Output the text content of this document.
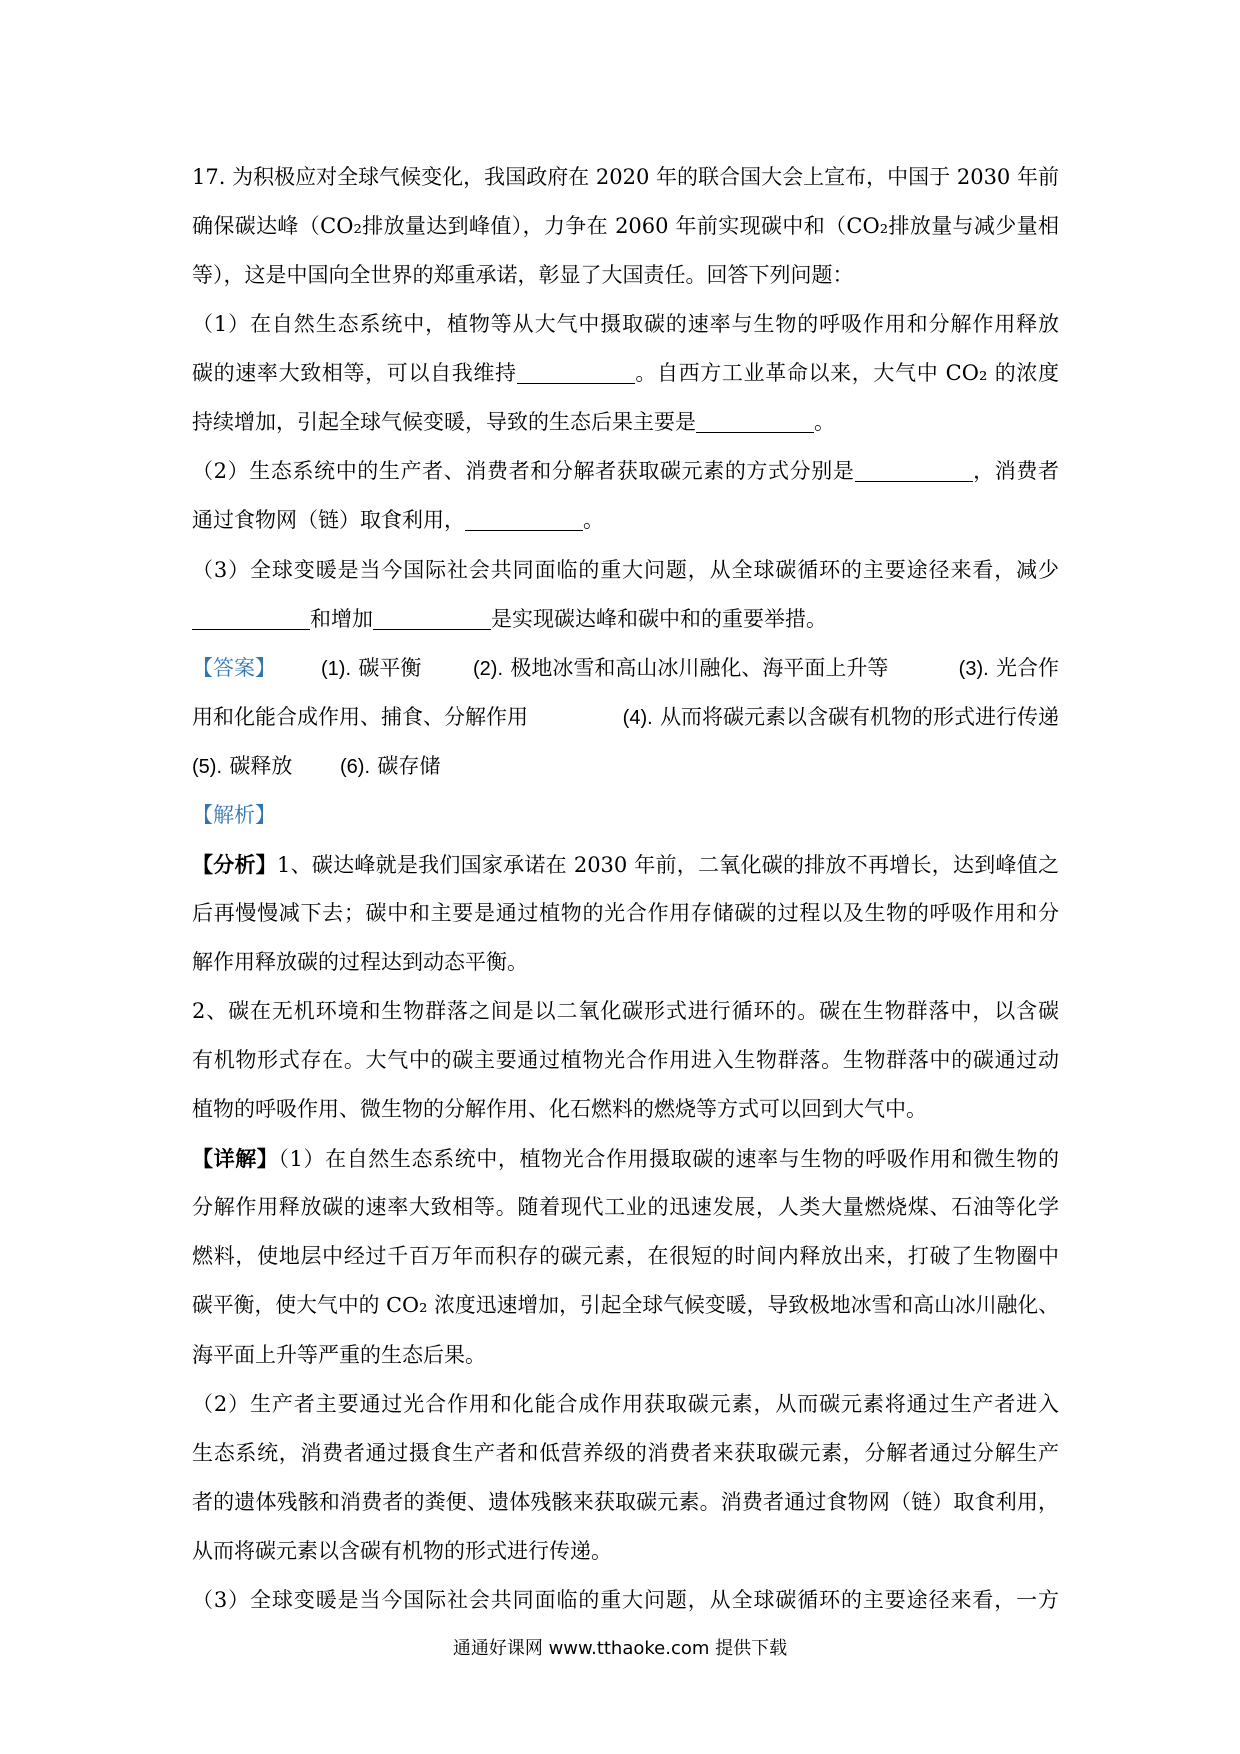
17. 为积极应对全球气候变化，我国政府在 2020 年的联合国大会上宣布，中国于 2030 年前
确保碳达峰（CO₂排放量达到峰值），力争在 2060 年前实现碳中和（CO₂排放量与减少量相
等），这是中国向全世界的郑重承诺，彰显了大国责任。回答下列问题：
（1）在自然生态系统中，植物等从大气中摄取碳的速率与生物的呼吸作用和分解作用释放
碳的速率大致相等，可以自我维持	。自西方工业革命以来，大气中 CO₂ 的浓度
持续增加，引起全球气候变暖，导致的生态后果主要是	。
（2）生态系统中的生产者、消费者和分解者获取碳元素的方式分别是	，消费者
通过食物网（链）取食利用，	。
（3）全球变暖是当今国际社会共同面临的重大问题，从全球碳循环的主要途径来看，减少
和增加	是实现碳达峰和碳中和的重要举措。
【答案】 (1). 碳平衡	(2). 极地冰雪和高山冰川融化、海平面上升等	(3). 光合作
用和化能合成作用、捕食、分解作用	(4). 从而将碳元素以含碳有机物的形式进行传递
(5). 碳释放 (6). 碳存储
【解析】
【分析】1、碳达峰就是我们国家承诺在 2030 年前，二氧化碳的排放不再增长，达到峰值之
后再慢慢减下去；碳中和主要是通过植物的光合作用存储碳的过程以及生物的呼吸作用和分
解作用释放碳的过程达到动态平衡。
2、碳在无机环境和生物群落之间是以二氧化碳形式进行循环的。碳在生物群落中，以含碳
有机物形式存在。大气中的碳主要通过植物光合作用进入生物群落。生物群落中的碳通过动
植物的呼吸作用、微生物的分解作用、化石燃料的燃烧等方式可以回到大气中。
【详解】（1）在自然生态系统中，植物光合作用摄取碳的速率与生物的呼吸作用和微生物的
分解作用释放碳的速率大致相等。随着现代工业的迅速发展，人类大量燃烧煤、石油等化学
燃料，使地层中经过千百万年而积存的碳元素，在很短的时间内释放出来，打破了生物圈中
碳平衡，使大气中的 CO₂ 浓度迅速增加，引起全球气候变暖，导致极地冰雪和高山冰川融化、
海平面上升等严重的生态后果。
（2）生产者主要通过光合作用和化能合成作用获取碳元素，从而碳元素将通过生产者进入
生态系统，消费者通过摄食生产者和低营养级的消费者来获取碳元素，分解者通过分解生产
者的遗体残骸和消费者的粪便、遗体残骸来获取碳元素。消费者通过食物网（链）取食利用，
从而将碳元素以含碳有机物的形式进行传递。
（3）全球变暖是当今国际社会共同面临的重大问题，从全球碳循环的主要途径来看，一方
通通好课网 www.tthaoke.com 提供下载
